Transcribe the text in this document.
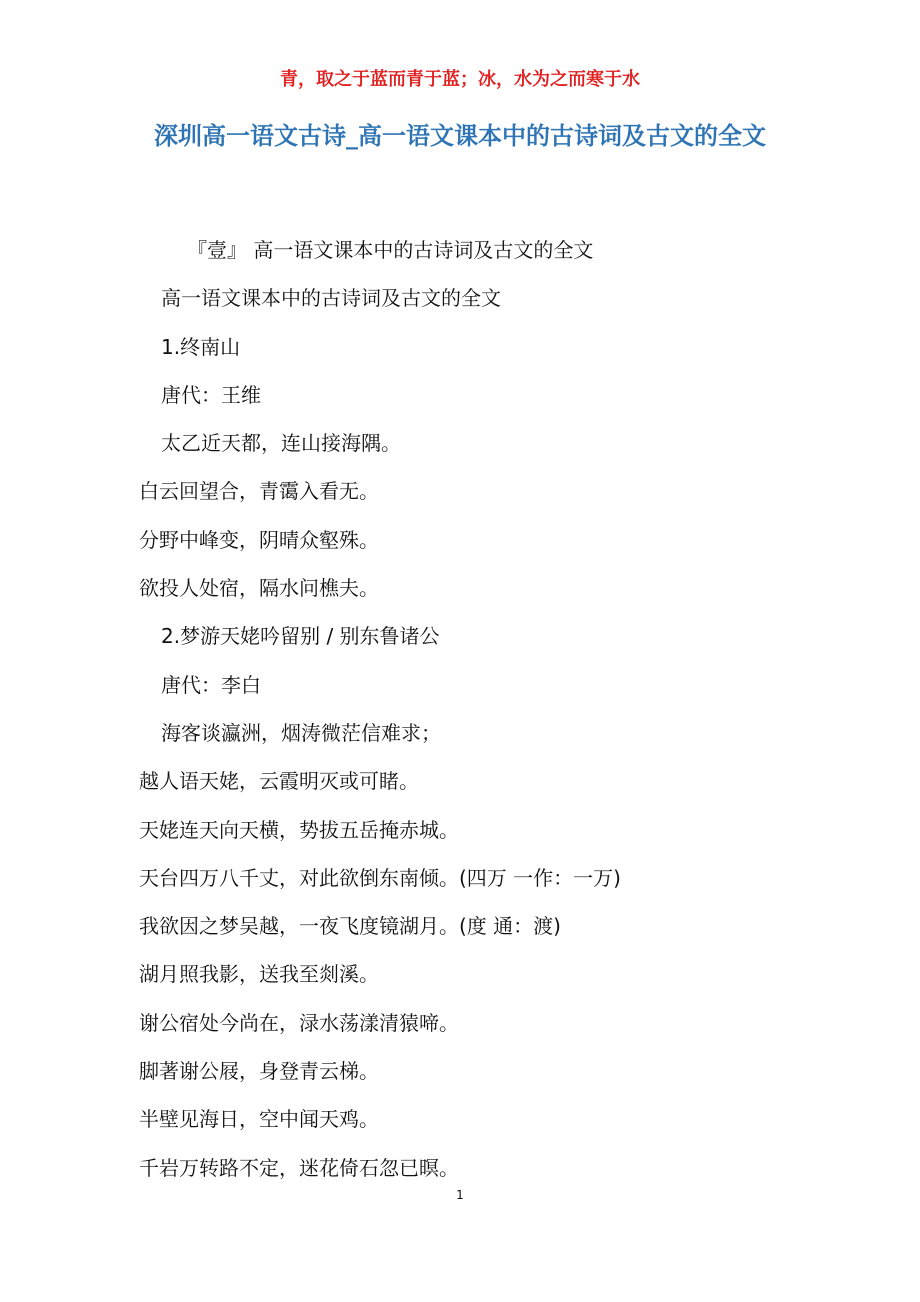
青，取之于蓝而青于蓝；冰，水为之而寒于水
深圳高一语文古诗_高一语文课本中的古诗词及古文的全文
『壹』 高一语文课本中的古诗词及古文的全文
高一语文课本中的古诗词及古文的全文
1.终南山
唐代：王维
太乙近天都，连山接海隅。
白云回望合，青霭入看无。
分野中峰变，阴晴众壑殊。
欲投人处宿，隔水问樵夫。
2.梦游天姥吟留别 / 别东鲁诸公
唐代：李白
海客谈瀛洲，烟涛微茫信难求；
越人语天姥，云霞明灭或可睹。
天姥连天向天横，势拔五岳掩赤城。
天台四万八千丈，对此欲倒东南倾。(四万 一作：一万)
我欲因之梦吴越，一夜飞度镜湖月。(度 通：渡)
湖月照我影，送我至剡溪。
谢公宿处今尚在，渌水荡漾清猿啼。
脚著谢公屐，身登青云梯。
半壁见海日，空中闻天鸡。
千岩万转路不定，迷花倚石忽已暝。
1
